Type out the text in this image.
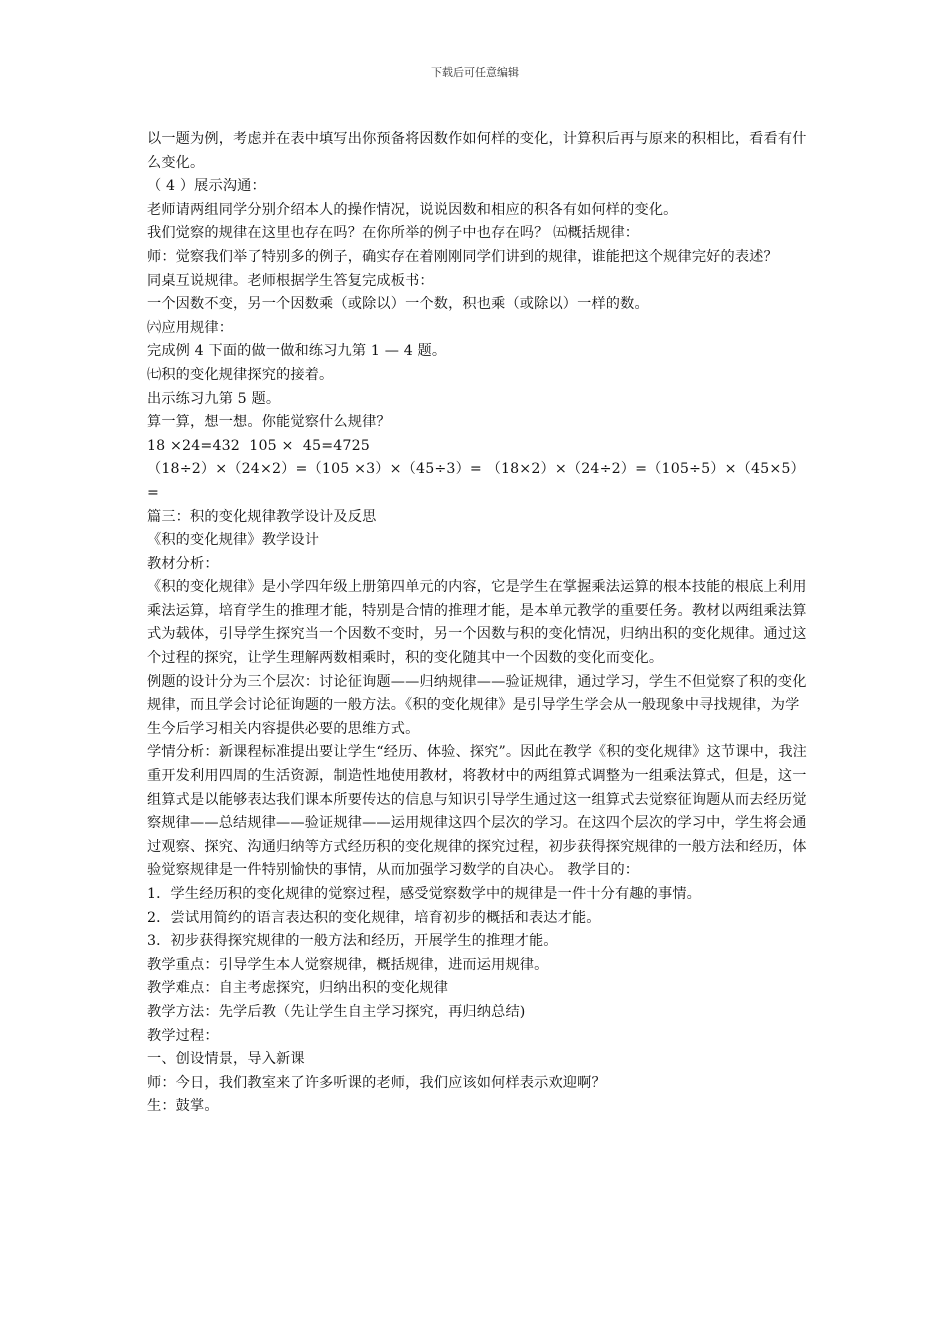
下载后可任意编辑

以一题为例，考虑并在表中填写出你预备将因数作如何样的变化，计算积后再与原来的积相比，看看有什么变化。

（ 4 ）展示沟通：

老师请两组同学分别介绍本人的操作情况，说说因数和相应的积各有如何样的变化。

我们觉察的规律在这里也存在吗？在你所举的例子中也存在吗？ ㈤概括规律：

师：觉察我们举了特别多的例子，确实存在着刚刚同学们讲到的规律，谁能把这个规律完好的表述？

同桌互说规律。老师根据学生答复完成板书：

一个因数不变，另一个因数乘（或除以）一个数，积也乘（或除以）一样的数。

㈥应用规律：

完成例 4 下面的做一做和练习九第 1 — 4 题。

㈦积的变化规律探究的接着。

出示练习九第 5 题。

算一算，想一想。你能觉察什么规律？

18 ×24=432  105 ×  45=4725

（18÷2）×（24×2）=（105 ×3）×（45÷3）= （18×2）×（24÷2）=（105÷5）×（45×5）=

篇三：积的变化规律教学设计及反思

《积的变化规律》教学设计

教材分析：

《积的变化规律》是小学四年级上册第四单元的内容，它是学生在掌握乘法运算的根本技能的根底上利用乘法运算，培育学生的推理才能，特别是合情的推理才能，是本单元教学的重要任务。教材以两组乘法算式为载体，引导学生探究当一个因数不变时，另一个因数与积的变化情况，归纳出积的变化规律。通过这个过程的探究，让学生理解两数相乘时，积的变化随其中一个因数的变化而变化。

例题的设计分为三个层次：讨论征询题——归纳规律——验证规律，通过学习，学生不但觉察了积的变化规律，而且学会讨论征询题的一般方法。《积的变化规律》是引导学生学会从一般现象中寻找规律，为学生今后学习相关内容提供必要的思维方式。

学情分析：新课程标准提出要让学生“经历、体验、探究”。因此在教学《积的变化规律》这节课中，我注重开发利用四周的生活资源，制造性地使用教材，将教材中的两组算式调整为一组乘法算式，但是，这一组算式是以能够表达我们课本所要传达的信息与知识引导学生通过这一组算式去觉察征询题从而去经历觉察规律——总结规律——验证规律——运用规律这四个层次的学习。在这四个层次的学习中，学生将会通过观察、探究、沟通归纳等方式经历积的变化规律的探究过程，初步获得探究规律的一般方法和经历，体验觉察规律是一件特别愉快的事情，从而加强学习数学的自决心。 教学目的：

1．学生经历积的变化规律的觉察过程，感受觉察数学中的规律是一件十分有趣的事情。

2．尝试用简约的语言表达积的变化规律，培育初步的概括和表达才能。

3．初步获得探究规律的一般方法和经历，开展学生的推理才能。

教学重点：引导学生本人觉察规律，概括规律，进而运用规律。

教学难点：自主考虑探究，归纳出积的变化规律

教学方法：先学后教（先让学生自主学习探究，再归纳总结)

教学过程：

一、创设情景，导入新课

师：今日，我们教室来了许多听课的老师，我们应该如何样表示欢迎啊？

生：鼓掌。
